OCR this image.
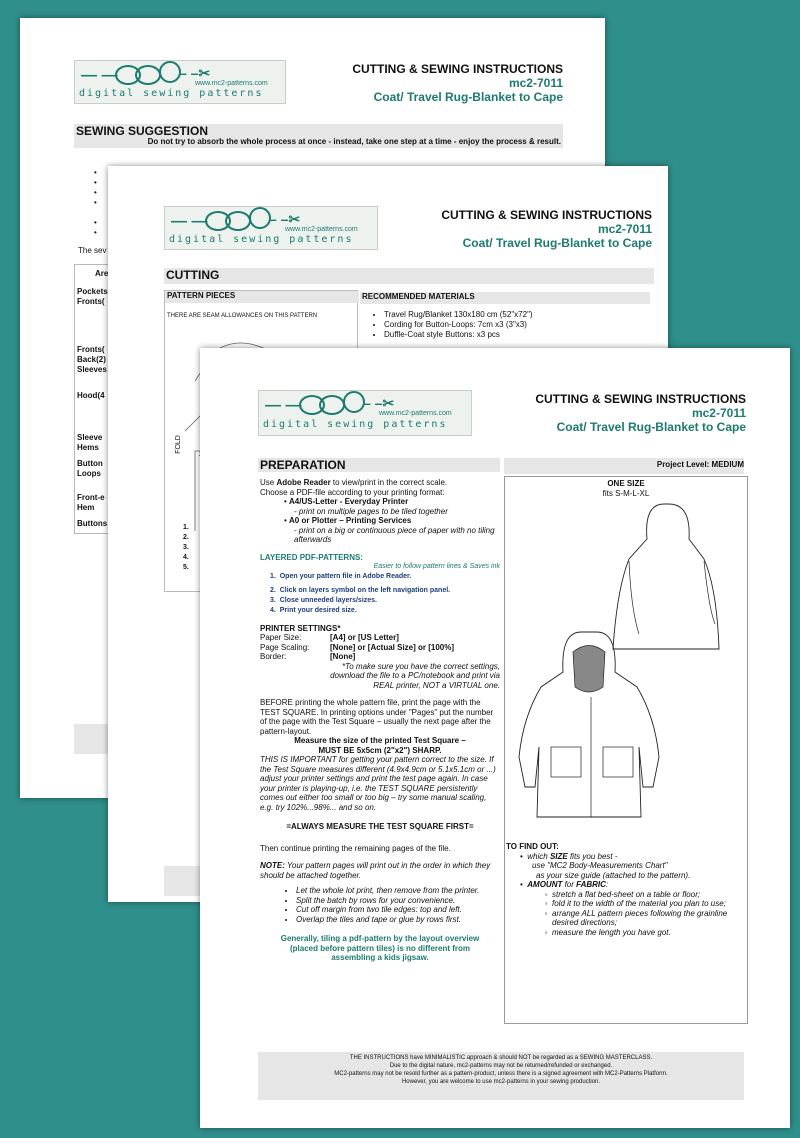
— —	– –✂
www.mc2-patterns.com
digital sewing patterns
CUTTING & SEWING INSTRUCTIONS
mc2-7011
Coat/ Travel Rug-Blanket to Cape
SEWING SUGGESTION
Do not try to absorb the whole process at once - instead, take one step at a time - enjoy the process & result.
•
•
•
•

•
•
The sev
Are
Pockets
Fronts(
Fronts(
Back(2)
Sleeves
Hood(4
Sleeve
Hems
Button
Loops
Front-e
Hem
Buttons
— —	– –✂
www.mc2-patterns.com
digital sewing patterns
CUTTING & SEWING INSTRUCTIONS
mc2-7011
Coat/ Travel Rug-Blanket to Cape
CUTTING
PATTERN PIECES
THERE ARE SEAM ALLOWANCES ON THIS PATTERN
FOLD
1.
2.
3.
4.
5.
RECOMMENDED MATERIALS
• Travel Rug/Blanket 130x180 cm (52"x72")
• Cording for Button-Loops: 7cm x3 (3"x3)
• Duffle-Coat style Buttons: x3 pcs
— —	– –✂
www.mc2-patterns.com
digital sewing patterns
CUTTING & SEWING INSTRUCTIONS
mc2-7011
Coat/ Travel Rug-Blanket to Cape
PREPARATION	Project Level: MEDIUM
Use Adobe Reader to view/print in the correct scale.
Choose a PDF-file according to your printing format:
• A4/US-Letter - Everyday Printer
- print on multiple pages to be tiled together
• A0 or Plotter – Printing Services
- print on a big or continuous piece of paper with no tiling afterwards
LAYERED PDF-PATTERNS:
Easier to follow pattern lines & Saves ink
1.  Open your pattern file in Adobe Reader.
2.  Click on layers symbol on the left navigation panel.
3.  Close unneeded layers/sizes.
4.  Print your desired size.
PRINTER SETTINGS*
Paper Size:	[A4] or [US Letter]
Page Scaling:	[None] or [Actual Size] or [100%]
Border:	[None]
*To make sure you have the correct settings, download the file to a PC/notebook and print via REAL printer, NOT a VIRTUAL one.
BEFORE printing the whole pattern file, print the page with the TEST SQUARE. In printing options under "Pages" put the number of the page with the Test Square – usually the next page after the pattern-layout.
Measure the size of the printed Test Square –
MUST BE 5x5cm (2"x2") SHARP.
THIS IS IMPORTANT for getting your pattern correct to the size. If the Test Square measures different (4.9x4.9cm or 5.1x5.1cm or ...) adjust your printer settings and print the test page again. In case your printer is playing-up, i.e. the TEST SQUARE persistently comes out either too small or too big – try some manual scaling, e.g. try 102%...98%... and so on.
=ALWAYS MEASURE THE TEST SQUARE FIRST=
Then continue printing the remaining pages of the file.
NOTE: Your pattern pages will print out in the order in which they should be attached together.
• Let the whole lot print, then remove from the printer.
• Split the batch by rows for your convenience.
• Cut off margin from two tile edges: top and left.
• Overlap the tiles and tape or glue by rows first.
Generally, tiling a pdf-pattern by the layout overview (placed before pattern tiles) is no different from assembling a kids jigsaw.
ONE SIZE
fits S-M-L-XL
TO FIND OUT:
•  which SIZE fits you best -
use "MC2 Body-Measurements Chart"
as your size guide (attached to the pattern).
•  AMOUNT for FABRIC:
◦ stretch a flat bed-sheet on a table or floor;
◦ fold it to the width of the material you plan to use;
◦ arrange ALL pattern pieces following the grainline desired directions;
◦ measure the length you have got.
THE INSTRUCTIONS have MINIMALISTIC approach & should NOT be regarded as a SEWING MASTERCLASS.
Due to the digital nature, mc2-patterns may not be returned/refunded or exchanged.
MC2-patterns may not be resold further as a pattern-product, unless there is a signed agreement with MC2-Patterns Platform.
However, you are welcome to use mc2-patterns in your sewing production.
